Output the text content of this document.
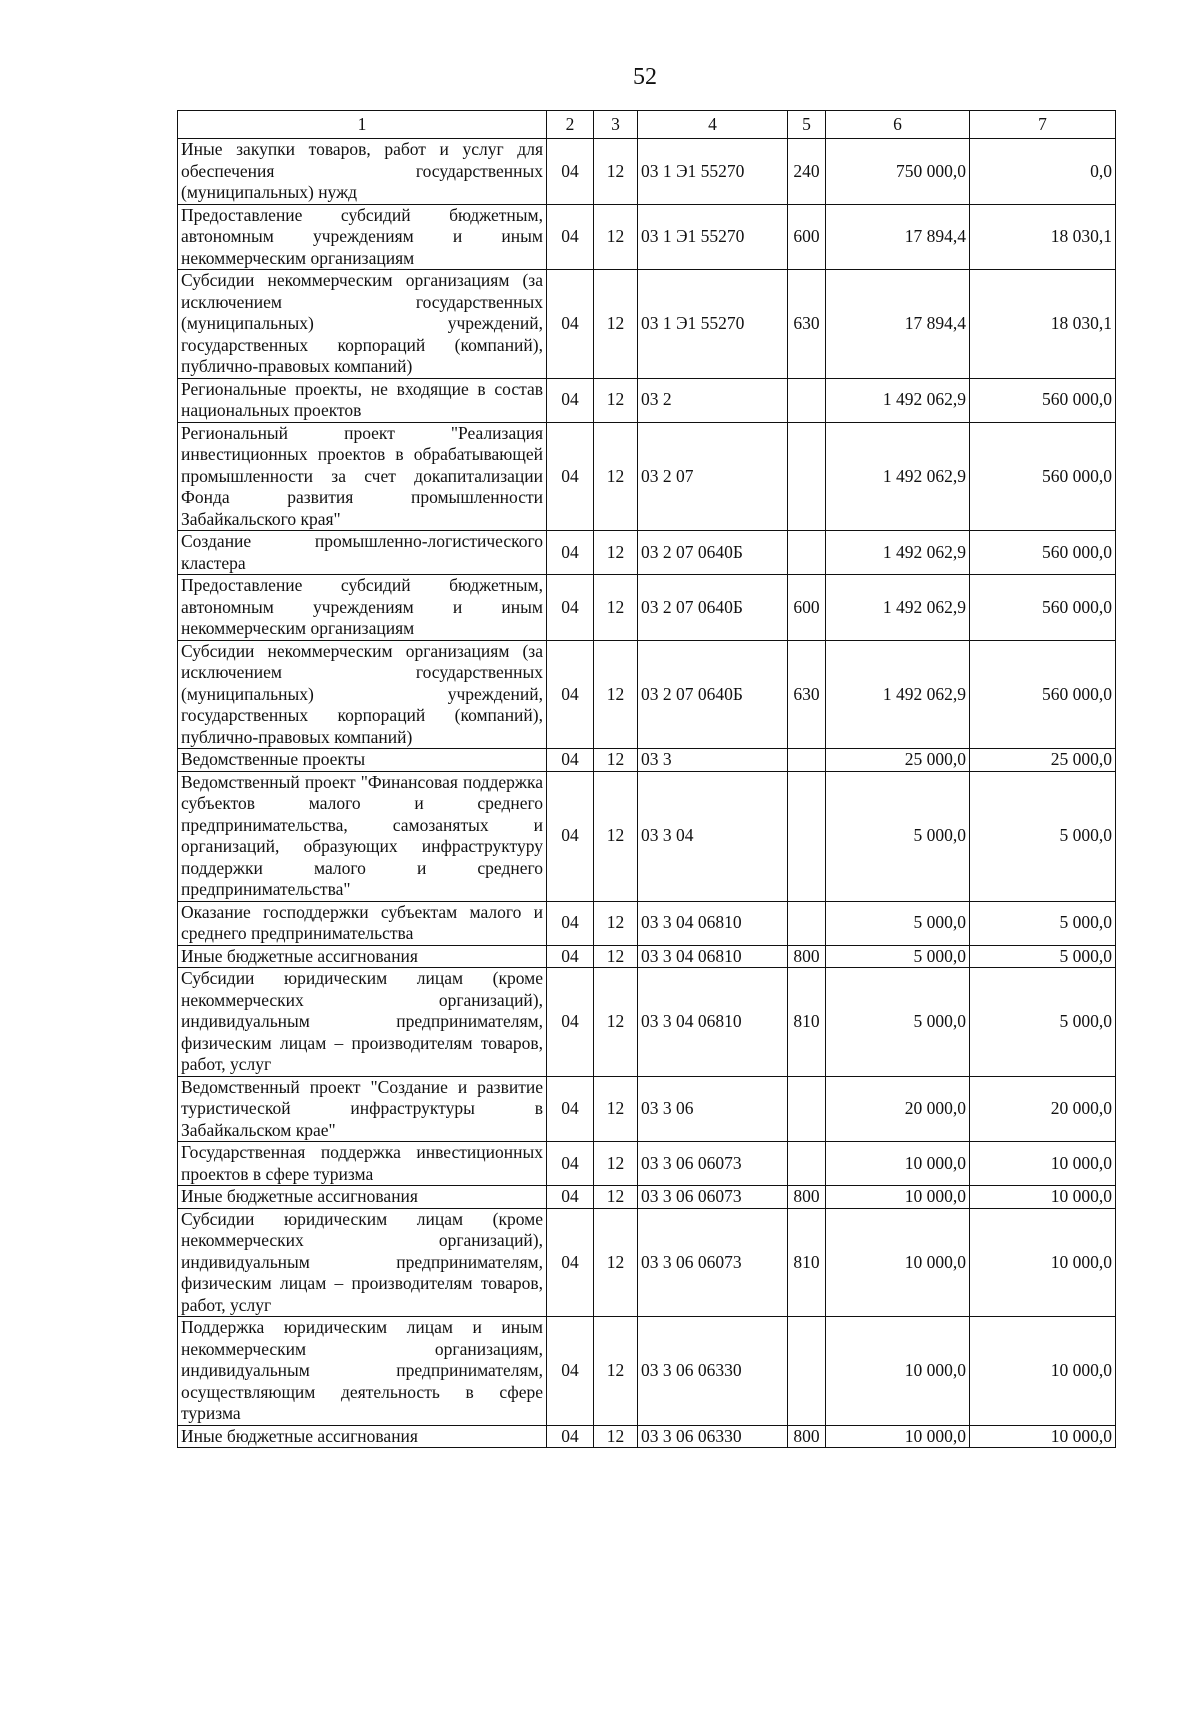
52
1	2	3	4	5	6	7
Иные закупки товаров, работ и услуг для обеспечения государственных (муниципальных) нужд	04	12	03 1 Э1 55270	240	750 000,0	0,0
Предоставление субсидий бюджетным, автономным учреждениям и иным некоммерческим организациям	04	12	03 1 Э1 55270	600	17 894,4	18 030,1
Субсидии некоммерческим организациям (за исключением государственных (муниципальных) учреждений, государственных корпораций (компаний), публично-правовых компаний)	04	12	03 1 Э1 55270	630	17 894,4	18 030,1
Региональные проекты, не входящие в состав национальных проектов	04	12	03 2		1 492 062,9	560 000,0
Региональный проект "Реализация инвестиционных проектов в обрабатывающей промышленности за счет докапитализации Фонда развития промышленности Забайкальского края"	04	12	03 2 07		1 492 062,9	560 000,0
Создание промышленно-логистического кластера	04	12	03 2 07 0640Б		1 492 062,9	560 000,0
Предоставление субсидий бюджетным, автономным учреждениям и иным некоммерческим организациям	04	12	03 2 07 0640Б	600	1 492 062,9	560 000,0
Субсидии некоммерческим организациям (за исключением государственных (муниципальных) учреждений, государственных корпораций (компаний), публично-правовых компаний)	04	12	03 2 07 0640Б	630	1 492 062,9	560 000,0
Ведомственные проекты	04	12	03 3		25 000,0	25 000,0
Ведомственный проект "Финансовая поддержка субъектов малого и среднего предпринимательства, самозанятых и организаций, образующих инфраструктуру поддержки малого и среднего предпринимательства"	04	12	03 3 04		5 000,0	5 000,0
Оказание господдержки субъектам малого и среднего предпринимательства	04	12	03 3 04 06810		5 000,0	5 000,0
Иные бюджетные ассигнования	04	12	03 3 04 06810	800	5 000,0	5 000,0
Субсидии юридическим лицам (кроме некоммерческих организаций), индивидуальным предпринимателям, физическим лицам – производителям товаров, работ, услуг	04	12	03 3 04 06810	810	5 000,0	5 000,0
Ведомственный проект "Создание и развитие туристической инфраструктуры в Забайкальском крае"	04	12	03 3 06		20 000,0	20 000,0
Государственная поддержка инвестиционных проектов в сфере туризма	04	12	03 3 06 06073		10 000,0	10 000,0
Иные бюджетные ассигнования	04	12	03 3 06 06073	800	10 000,0	10 000,0
Субсидии юридическим лицам (кроме некоммерческих организаций), индивидуальным предпринимателям, физическим лицам – производителям товаров, работ, услуг	04	12	03 3 06 06073	810	10 000,0	10 000,0
Поддержка юридическим лицам и иным некоммерческим организациям, индивидуальным предпринимателям, осуществляющим деятельность в сфере туризма	04	12	03 3 06 06330		10 000,0	10 000,0
Иные бюджетные ассигнования	04	12	03 3 06 06330	800	10 000,0	10 000,0
